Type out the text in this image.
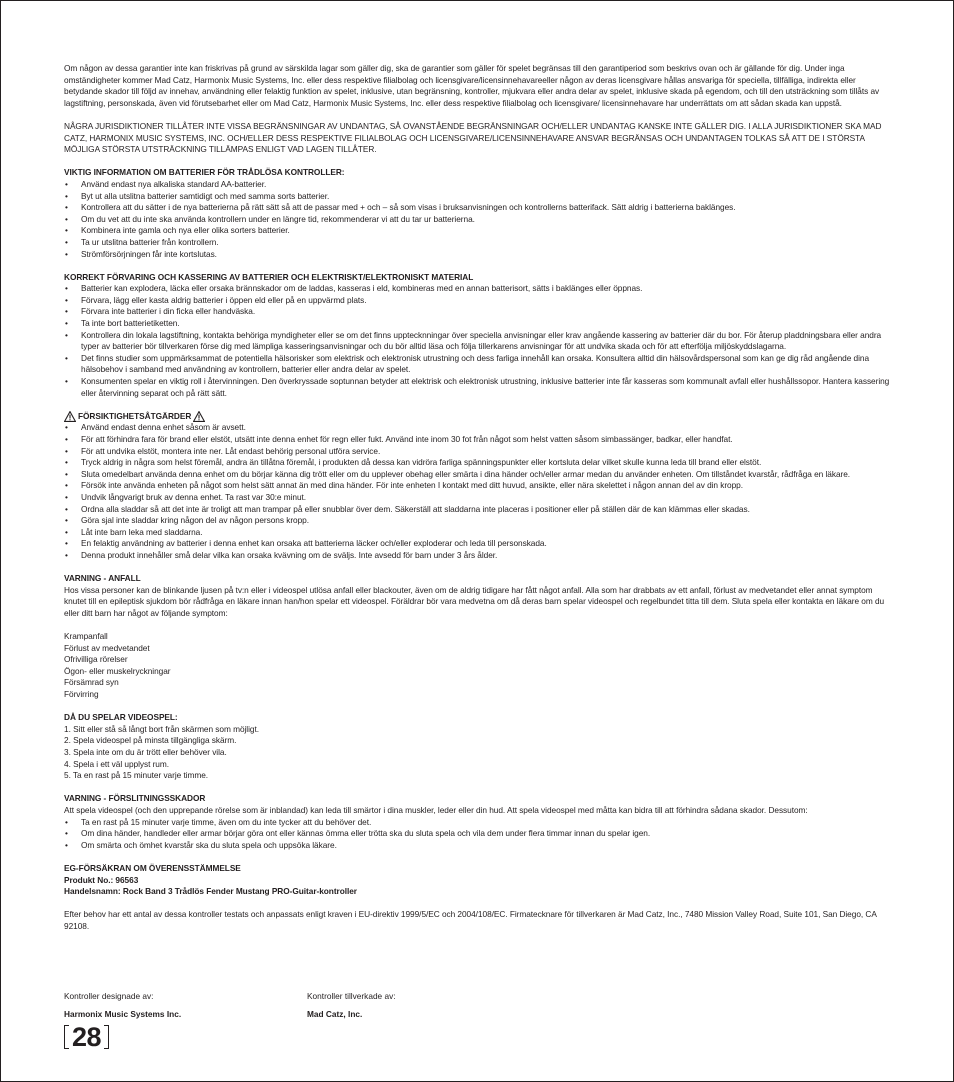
Om någon av dessa garantier inte kan friskrivas på grund av särskilda lagar som gäller dig, ska de garantier som gäller för spelet begränsas till den garantiperiod som beskrivs ovan och är gällande för dig. Under inga omständigheter kommer Mad Catz, Harmonix Music Systems, Inc. eller dess respektive filialbolag och licensgivare/licensinnehavareeller någon av deras licensgivare hållas ansvariga för speciella, tillfälliga, indirekta eller betydande skador till följd av innehav, användning eller felaktig funktion av spelet, inklusive, utan begränsning, kontroller, mjukvara eller andra delar av spelet, inklusive skada på egendom, och till den utsträckning som tillåts av lagstiftning, personskada, även vid förutsebarhet eller om Mad Catz, Harmonix Music Systems, Inc. eller dess respektive filialbolag och licensgivare/ licensinnehavare har underrättats om att sådan skada kan uppstå.

NÅGRA JURISDIKTIONER TILLÅTER INTE VISSA BEGRÄNSNINGAR AV UNDANTAG, SÅ OVANSTÅENDE BEGRÄNSNINGAR OCH/ELLER UNDANTAG KANSKE INTE GÄLLER DIG. I ALLA JURISDIKTIONER SKA MAD CATZ, HARMONIX MUSIC SYSTEMS, INC. OCH/ELLER DESS RESPEKTIVE FILIALBOLAG OCH LICENSGIVARE/LICENSINNEHAVARE ANSVAR BEGRÄNSAS OCH UNDANTAGEN TOLKAS SÅ ATT DE I STÖRSTA MÖJLIGA STÖRSTA UTSTRÄCKNING TILLÄMPAS ENLIGT VAD LAGEN TILLÅTER.

VIKTIG INFORMATION OM BATTERIER FÖR TRÅDLÖSA KONTROLLER:

• Använd endast nya alkaliska standard AA-batterier.
• Byt ut alla utslitna batterier samtidigt och med samma sorts batterier.
• Kontrollera att du sätter i de nya batterierna på rätt sätt så att de passar med + och – så som visas i bruksanvisningen och kontrollerns batterifack. Sätt aldrig i batterierna baklänges.
• Om du vet att du inte ska använda kontrollern under en längre tid, rekommenderar vi att du tar ur batterierna.
• Kombinera inte gamla och nya eller olika sorters batterier.
• Ta ur utslitna batterier från kontrollern.
• Strömförsörjningen får inte kortslutas.

KORREKT FÖRVARING OCH KASSERING AV BATTERIER OCH ELEKTRISKT/ELEKTRONISKT MATERIAL

• Batterier kan explodera, läcka eller orsaka brännskador om de laddas, kasseras i eld, kombineras med en annan batterisort, sätts i baklänges eller öppnas.
• Förvara, lägg eller kasta aldrig batterier i öppen eld eller på en uppvärmd plats.
• Förvara inte batterier i din ficka eller handväska.
• Ta inte bort batterietiketten.
• Kontrollera din lokala lagstiftning, kontakta behöriga myndigheter eller se om det finns upptecknningar över speciella anvisningar eller krav angående kassering av batterier där du bor. För återup pladdningsbara eller andra typer av batterier bör tillverkaren förse dig med lämpliga kasseringsanvisningar och du bör alltid läsa och följa tillerkarens anvisningar för att undvika skada och för att efterfölja miljöskyddslagarna.
• Det finns studier som uppmärksammat de potentiella hälsorisker som elektrisk och elektronisk utrustning och dess farliga innehåll kan orsaka. Konsultera alltid din hälsovårdspersonal som kan ge dig råd angående dina hälsobehov i samband med användning av kontrollern, batterier eller andra delar av spelet.
• Konsumenten spelar en viktig roll i återvinningen. Den överkryssade soptunnan betyder att elektrisk och elektronisk utrustning, inklusive batterier inte får kasseras som kommunalt avfall eller hushållssopor. Hantera kassering eller återvinning separat och på rätt sätt.
FÖRSIKTIGHETSÅTGÄRDER
• Använd endast denna enhet såsom är avsett.
• För att förhindra fara för brand eller elstöt, utsätt inte denna enhet för regn eller fukt. Använd inte inom 30 fot från något som helst vatten såsom simbassänger, badkar, eller handfat.
• För att undvika elstöt, montera inte ner. Låt endast behörig personal utföra service.
• Tryck aldrig in några som helst föremål, andra än tillåtna föremål, i produkten då dessa kan vidröra farliga spänningspunkter eller kortsluta delar vilket skulle kunna leda till brand eller elstöt.
• Sluta omedelbart använda denna enhet om du börjar känna dig trött eller om du upplever obehag eller smärta i dina händer och/eller armar medan du använder enheten. Om tillståndet kvarstår, rådfråga en läkare.
• Försök inte använda enheten på något som helst sätt annat än med dina händer. För inte enheten I kontakt med ditt huvud, ansikte, eller nära skelettet i någon annan del av din kropp.
• Undvik långvarigt bruk av denna enhet. Ta rast var 30:e minut.
• Ordna alla sladdar så att det inte är troligt att man trampar på eller snubblar över dem. Säkerställ att sladdarna inte placeras i positioner eller på ställen där de kan klämmas eller skadas.
• Göra sjal inte sladdar kring någon del av någon persons kropp.
• Låt inte barn leka med sladdarna.
• En felaktig användning av batterier i denna enhet kan orsaka att batterierna läcker och/eller exploderar och leda till personskada.
• Denna produkt innehåller små delar vilka kan orsaka kvävning om de sväljs. Inte avsedd för barn under 3 års ålder.

VARNING - ANFALL

Hos vissa personer kan de blinkande ljusen på tv:n eller i videospel utlösa anfall eller blackouter, även om de aldrig tidigare har fått något anfall. Alla som har drabbats av ett anfall, förlust av medvetandet eller annat symptom knutet till en epileptisk sjukdom bör rådfråga en läkare innan han/hon spelar ett videospel. Föräldrar bör vara medvetna om då deras barn spelar videospel och regelbundet titta till dem. Sluta spela eller kontakta en läkare om du eller ditt barn har något av följande symptom:

Krampanfall
Förlust av medvetandet
Ofrivilliga rörelser
Ögon- eller muskelryckningar
Försämrad syn
Förvirring

DÅ DU SPELAR VIDEOSPEL:

1. Sitt eller stå så långt bort från skärmen som möjligt.
2. Spela videospel på minsta tillgängliga skärm.
3. Spela inte om du är trött eller behöver vila.
4. Spela i ett väl upplyst rum.
5. Ta en rast på 15 minuter varje timme.

VARNING - FÖRSLITNINGSSKADOR

Att spela videospel (och den upprepande rörelse som är inblandad) kan leda till smärtor i dina muskler, leder eller din hud. Att spela videospel med måtta kan bidra till att förhindra sådana skador. Dessutom:

• Ta en rast på 15 minuter varje timme, även om du inte tycker att du behöver det.
• Om dina händer, handleder eller armar börjar göra ont eller kännas ömma eller trötta ska du sluta spela och vila dem under flera timmar innan du spelar igen.
• Om smärta och ömhet kvarstår ska du sluta spela och uppsöka läkare.

EG-FÖRSÄKRAN OM ÖVERENSSTÄMMELSE

Produkt No.: 96563

Handelsnamn: Rock Band 3 Trådlös Fender Mustang PRO-Guitar-kontroller

Efter behov har ett antal av dessa kontroller testats och anpassats enligt kraven i EU-direktiv 1999/5/EC och 2004/108/EC. Firmatecknare för tillverkaren är Mad Catz, Inc., 7480 Mission Valley Road, Suite 101, San Diego, CA 92108.

Kontroller designade av:
Harmonix Music Systems Inc.
Kontroller tillverkade av:
Mad Catz, Inc.
28
